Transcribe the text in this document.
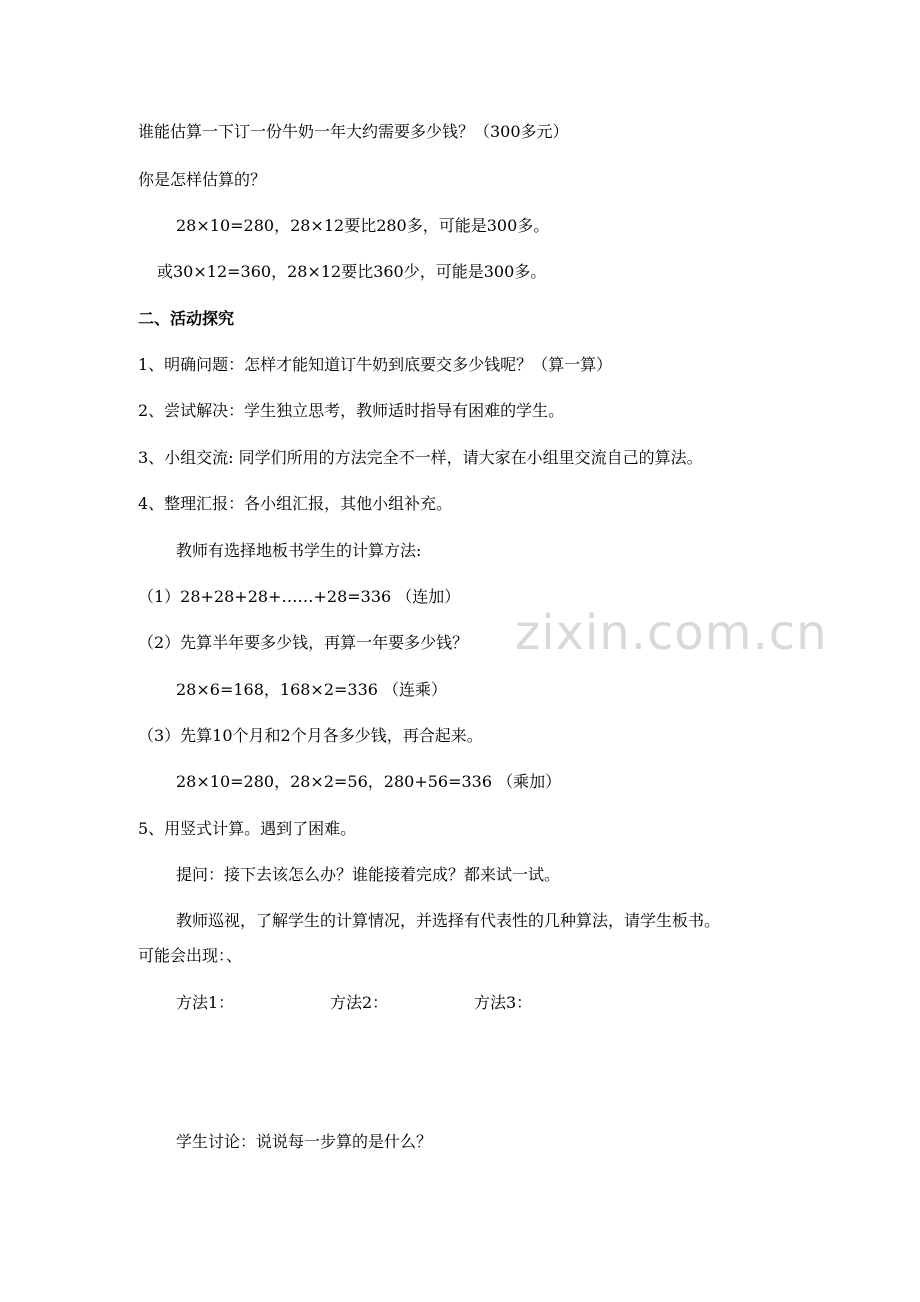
谁能估算一下订一份牛奶一年大约需要多少钱？（300多元）
你是怎样估算的？
28×10=280，28×12要比280多，可能是300多。
或30×12=360，28×12要比360少，可能是300多。
二、活动探究
1、明确问题：怎样才能知道订牛奶到底要交多少钱呢？（算一算）
2、尝试解决：学生独立思考，教师适时指导有困难的学生。
3、小组交流: 同学们所用的方法完全不一样，请大家在小组里交流自己的算法。
4、整理汇报：各小组汇报，其他小组补充。
教师有选择地板书学生的计算方法:
（1）28+28+28+……+28=336 （连加）
（2）先算半年要多少钱，再算一年要多少钱？
28×6=168，168×2=336 （连乘）
（3）先算10个月和2个月各多少钱，再合起来。
28×10=280，28×2=56，280+56=336 （乘加）
5、用竖式计算。遇到了困难。
提问：接下去该怎么办？谁能接着完成？都来试一试。
教师巡视，了解学生的计算情况，并选择有代表性的几种算法，请学生板书。
可能会出现：、
方法1：	方法2：	方法3：
学生讨论：说说每一步算的是什么？
zixin.com.cn
